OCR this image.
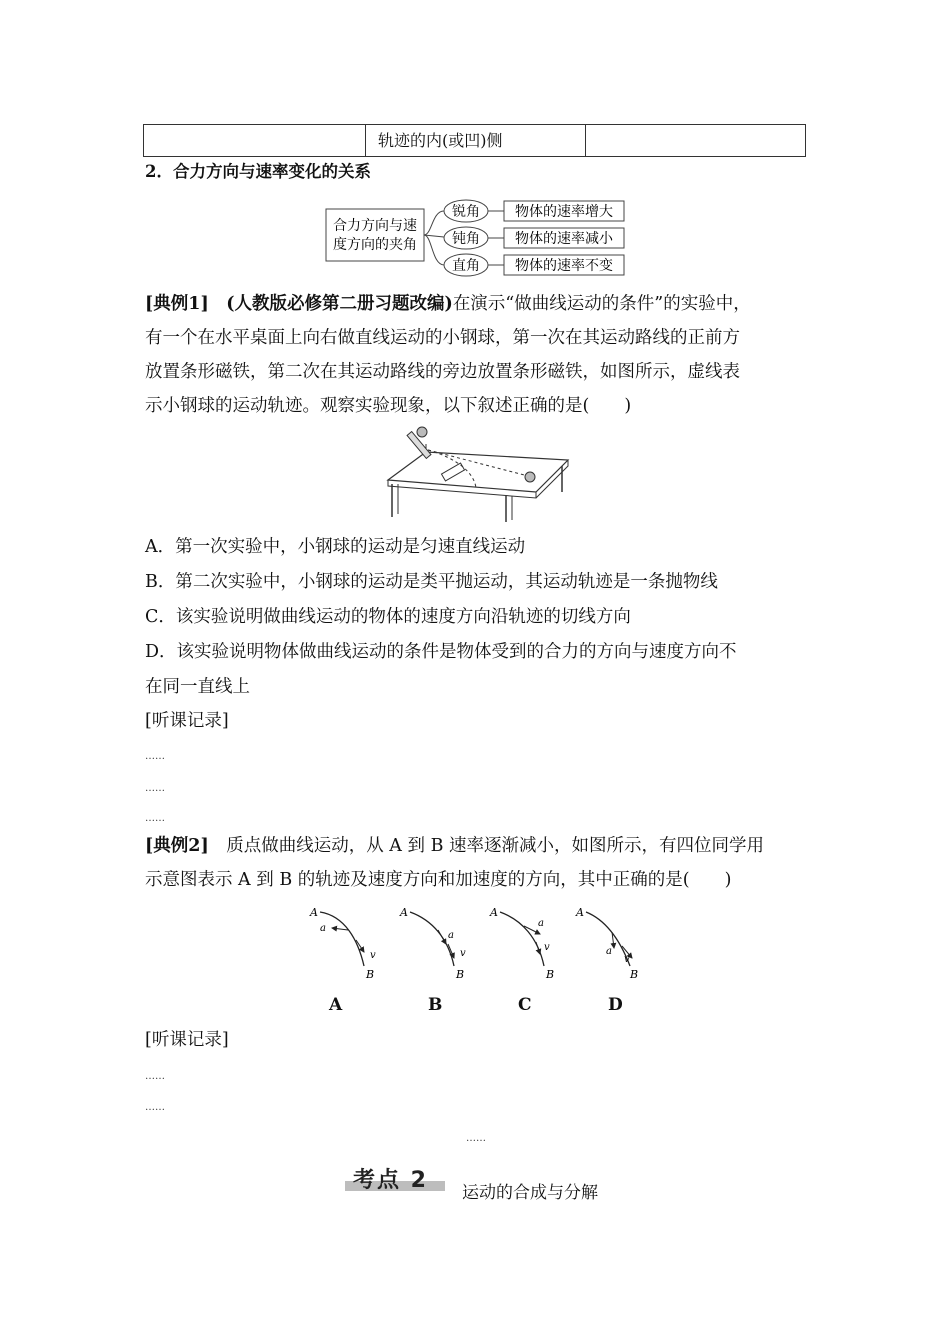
轨迹的内(或凹)侧
2．合力方向与速率变化的关系
合力方向与速
度方向的夹角
锐角
钝角
直角
物体的速率增大
物体的速率减小
物体的速率不变
[典例1]　 (人教版必修第二册习题改编)在演示“做曲线运动的条件”的实验中，
有一个在水平桌面上向右做直线运动的小钢球，第一次在其运动路线的正前方
放置条形磁铁，第二次在其运动路线的旁边放置条形磁铁，如图所示，虚线表
示小钢球的运动轨迹。观察实验现象，以下叙述正确的是(　　)
A．第一次实验中，小钢球的运动是匀速直线运动
B．第二次实验中，小钢球的运动是类平抛运动，其运动轨迹是一条抛物线
C．该实验说明做曲线运动的物体的速度方向沿轨迹的切线方向
D．该实验说明物体做曲线运动的条件是物体受到的合力的方向与速度方向不
在同一直线上
[听课记录]
……
……
……
[典例2]　 质点做曲线运动，从 A 到 B 速率逐渐减小，如图所示，有四位同学用
示意图表示 A 到 B 的轨迹及速度方向和加速度的方向，其中正确的是(　　)
A
a
v
B
A
a
v
B
A
a
v
B
A
a
v
B
A	B	C	D
[听课记录]
……
……
……
考点 2 运动的合成与分解
